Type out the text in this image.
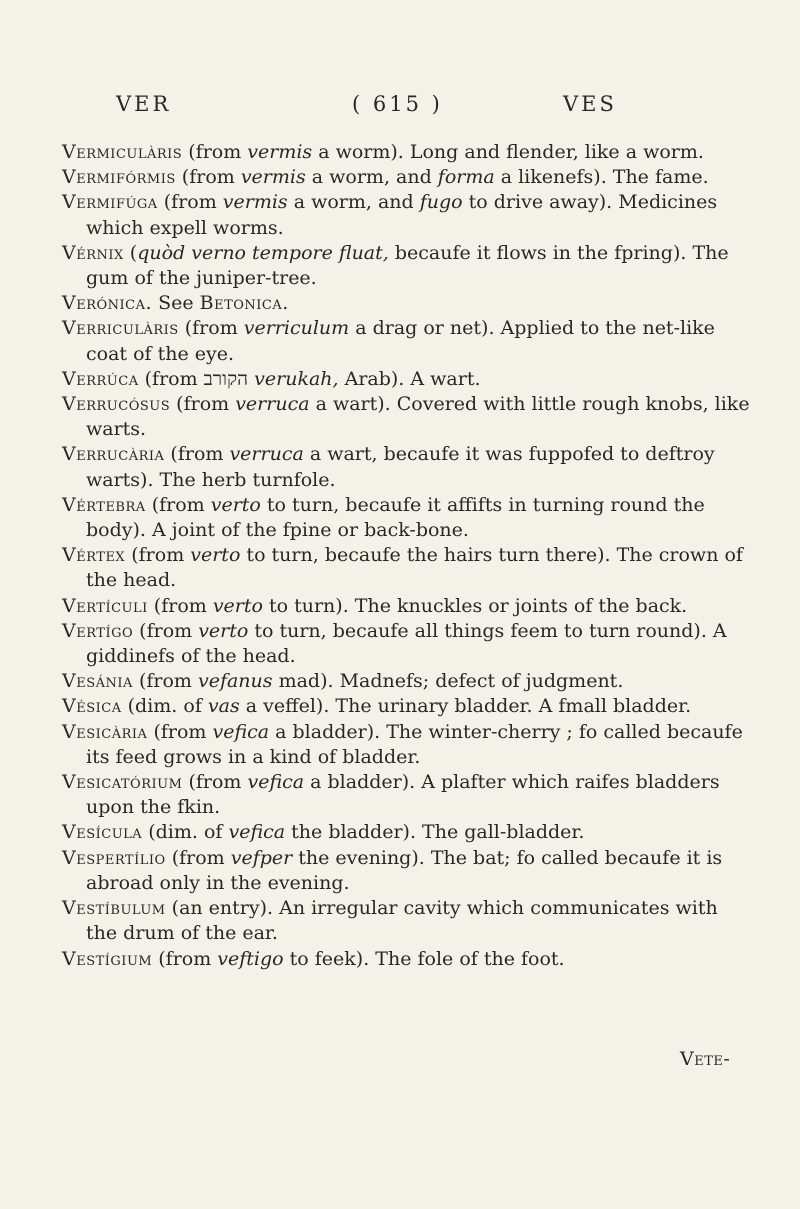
VER	( 615 )	VES

Vermiculàris (from vermis a worm). Long and flender, like a worm.

Vermifórmis (from vermis a worm, and forma a likenefs). The fame.

Vermifúga (from vermis a worm, and fugo to drive away). Medicines which expell worms.

Vérnix (quòd verno tempore fluat, becaufe it flows in the fpring). The gum of the juniper-tree.

Verónica. See Betonica.

Verriculàris (from verriculum a drag or net). Applied to the net-like coat of the eye.

Verrúca (from הקורב verukah, Arab). A wart.

Verrucósus (from verruca a wart). Covered with little rough knobs, like warts.

Verrucària (from verruca a wart, becaufe it was fuppofed to deftroy warts). The herb turnfole.

Vértebra (from verto to turn, becaufe it affifts in turning round the body). A joint of the fpine or back-bone.

Vértex (from verto to turn, becaufe the hairs turn there). The crown of the head.

Vertículi (from verto to turn). The knuckles or joints of the back.

Vertígo (from verto to turn, becaufe all things feem to turn round). A giddinefs of the head.

Vesánia (from vefanus mad). Madnefs; defect of judgment.

Vésica (dim. of vas a veffel). The urinary bladder. A fmall bladder.

Vesicària (from vefica a bladder). The winter-cherry ; fo called becaufe its feed grows in a kind of bladder.

Vesicatórium (from vefica a bladder). A plafter which raifes bladders upon the fkin.

Vesícula (dim. of vefica the bladder). The gall-bladder.

Vespertílio (from vefper the evening). The bat; fo called becaufe it is abroad only in the evening.

Vestíbulum (an entry). An irregular cavity which communicates with the drum of the ear.

Vestígium (from veftigo to feek). The fole of the foot.

Vete-
